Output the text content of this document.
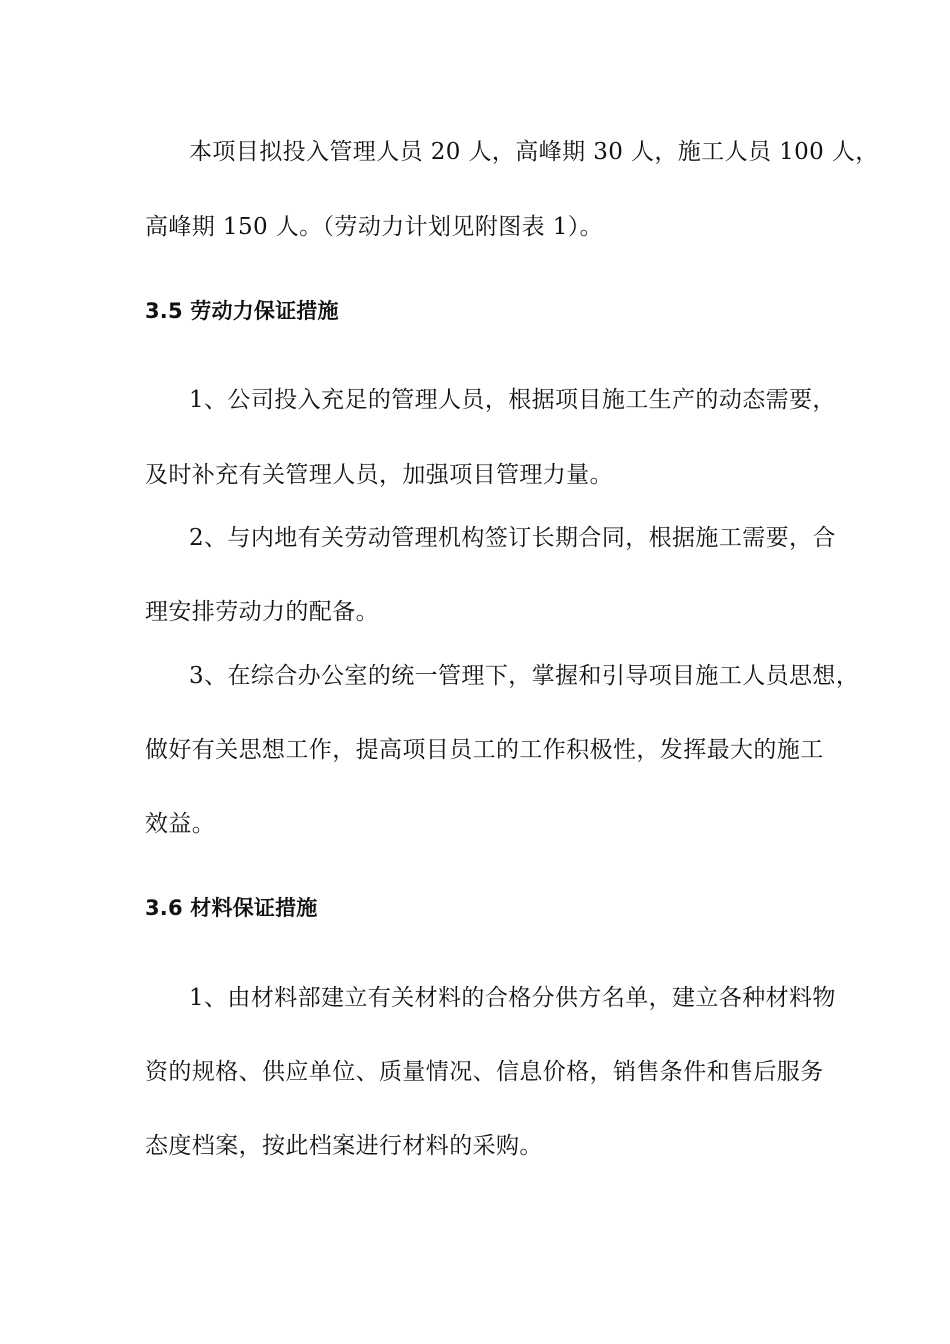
本项目拟投入管理人员 20 人，高峰期 30 人，施工人员 100 人，
高峰期 150 人。（劳动力计划见附图表 1）。
3.5 劳动力保证措施
1、公司投入充足的管理人员，根据项目施工生产的动态需要，
及时补充有关管理人员，加强项目管理力量。
2、与内地有关劳动管理机构签订长期合同，根据施工需要，合
理安排劳动力的配备。
3、在综合办公室的统一管理下，掌握和引导项目施工人员思想，
做好有关思想工作，提高项目员工的工作积极性，发挥最大的施工
效益。
3.6 材料保证措施
1、由材料部建立有关材料的合格分供方名单，建立各种材料物
资的规格、供应单位、质量情况、信息价格，销售条件和售后服务
态度档案，按此档案进行材料的采购。
